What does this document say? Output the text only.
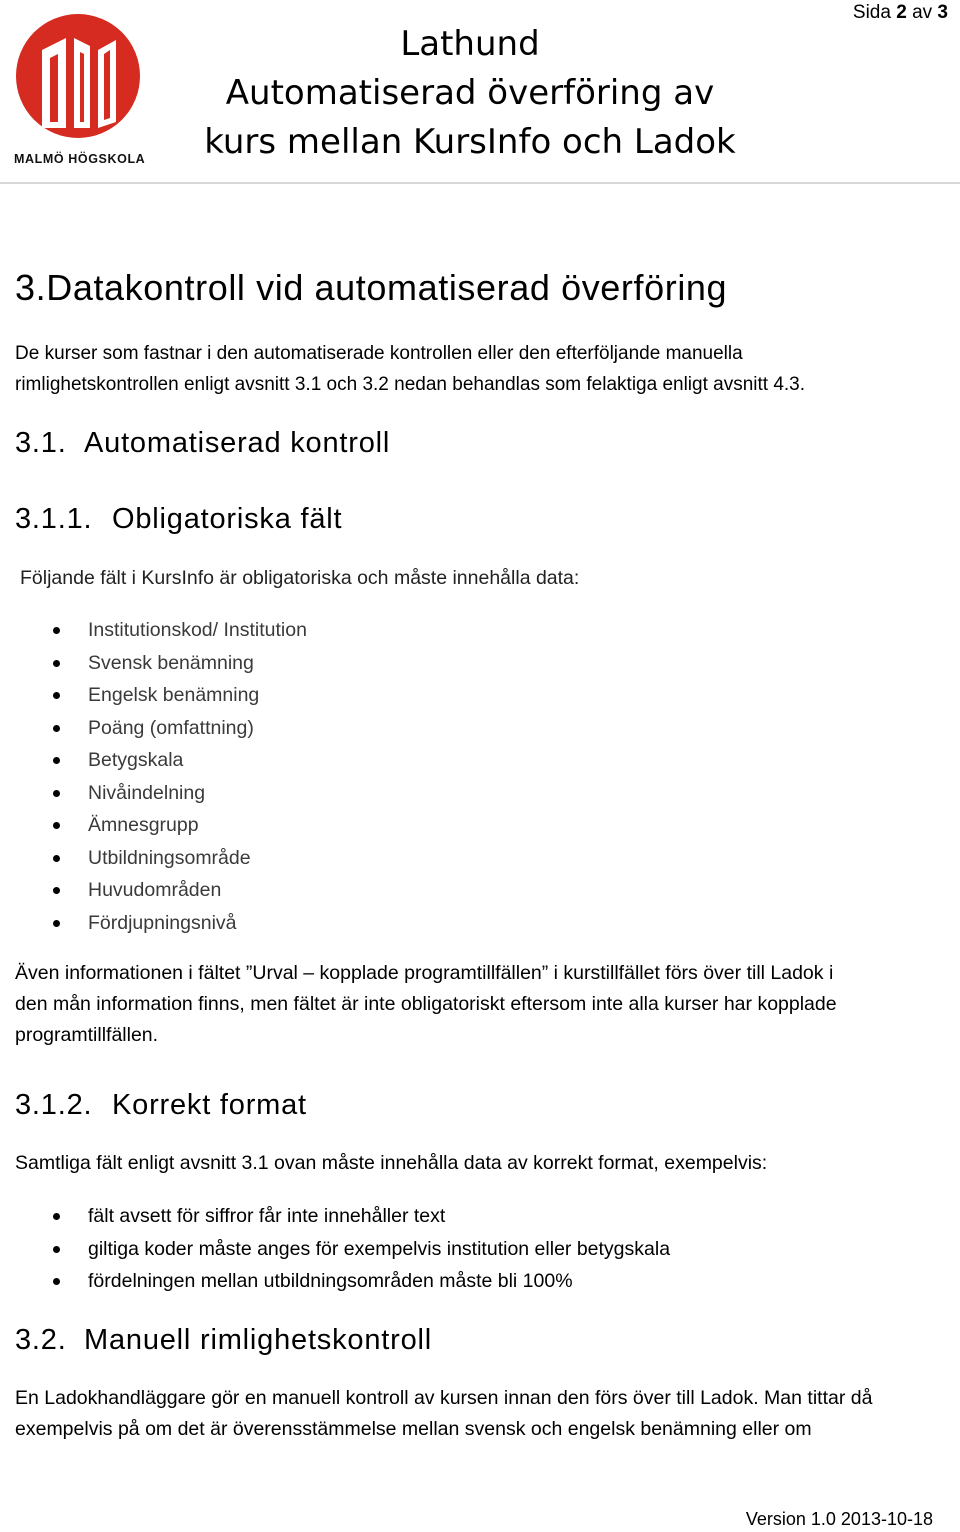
MALMÖ HÖGSKOLA
Lathund
Automatiserad överföring av
kurs mellan KursInfo och Ladok
Sida 2 av 3
3.Datakontroll vid automatiserad överföring
De kurser som fastnar i den automatiserade kontrollen eller den efterföljande manuella
rimlighetskontrollen enligt avsnitt 3.1 och 3.2 nedan behandlas som felaktiga enligt avsnitt 4.3.
3.1. Automatiserad kontroll
3.1.1. Obligatoriska fält
Följande fält i KursInfo är obligatoriska och måste innehålla data:
Institutionskod/ Institution
Svensk benämning
Engelsk benämning
Poäng (omfattning)
Betygskala
Nivåindelning
Ämnesgrupp
Utbildningsområde
Huvudområden
Fördjupningsnivå
Även informationen i fältet ”Urval – kopplade programtillfällen” i kurstillfället förs över till Ladok i
den mån information finns, men fältet är inte obligatoriskt eftersom inte alla kurser har kopplade
programtillfällen.
3.1.2. Korrekt format
Samtliga fält enligt avsnitt 3.1 ovan måste innehålla data av korrekt format, exempelvis:
fält avsett för siffror får inte innehåller text
giltiga koder måste anges för exempelvis institution eller betygskala
fördelningen mellan utbildningsområden måste bli 100%
3.2. Manuell rimlighetskontroll
En Ladokhandläggare gör en manuell kontroll av kursen innan den förs över till Ladok. Man tittar då
exempelvis på om det är överensstämmelse mellan svensk och engelsk benämning eller om
Version 1.0 2013-10-18
